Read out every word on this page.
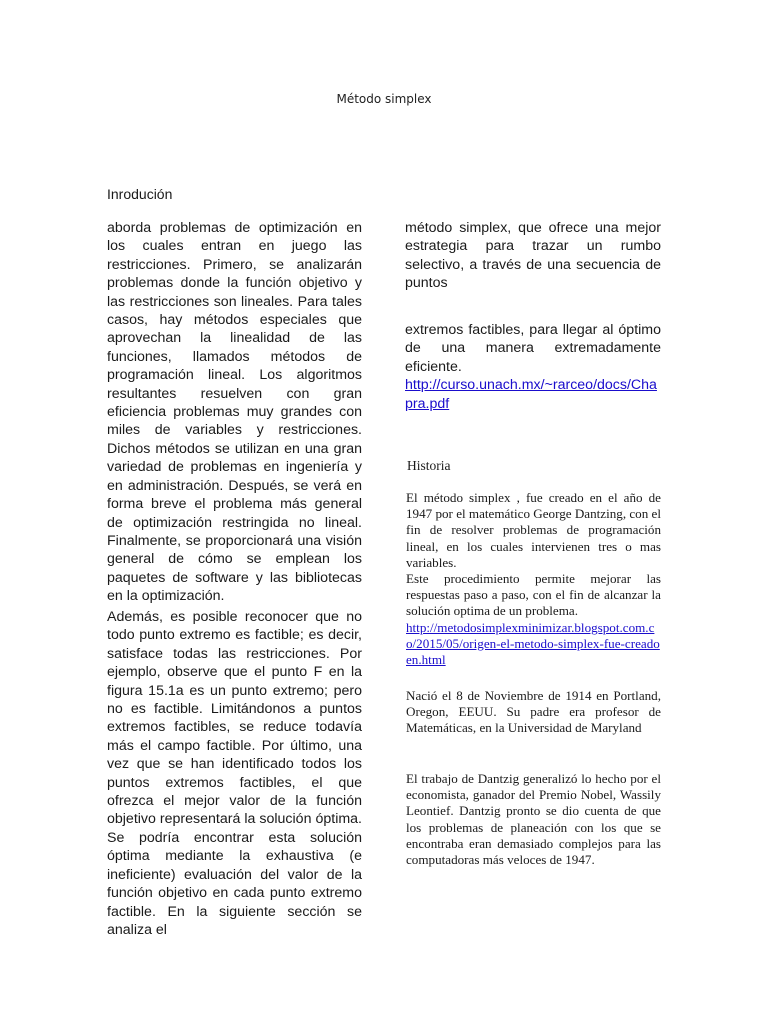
Método simplex
Inrodución

aborda problemas de optimización en los cuales entran en juego las restricciones. Primero, se analizarán problemas donde la función objetivo y las restricciones son lineales. Para tales casos, hay métodos especiales que aprovechan la linealidad de las funciones, llamados métodos de programación lineal. Los algoritmos resultantes resuelven con gran eficiencia problemas muy grandes con miles de variables y restricciones. Dichos métodos se utilizan en una gran variedad de problemas en ingeniería y en administración. Después, se verá en forma breve el problema más general de optimización restringida no lineal. Finalmente, se proporcionará una visión general de cómo se emplean los paquetes de software y las bibliotecas en la optimización.

Además, es posible reconocer que no todo punto extremo es factible; es decir, satisface todas las restricciones. Por ejemplo, observe que el punto F en la figura 15.1a es un punto extremo; pero no es factible. Limitándonos a puntos extremos factibles, se reduce todavía más el campo factible. Por último, una vez que se han identificado todos los puntos extremos factibles, el que ofrezca el mejor valor de la función objetivo representará la solución óptima. Se podría encontrar esta solución óptima mediante la exhaustiva (e ineficiente) evaluación del valor de la función objetivo en cada punto extremo factible. En la siguiente sección se analiza el

método simplex, que ofrece una mejor estrategia para trazar un rumbo selectivo, a través de una secuencia de puntos

extremos factibles, para llegar al óptimo de una manera extremadamente eficiente.

http://curso.unach.mx/~rarceo/docs/Chapra.pdf

Historia

El método simplex , fue creado en el año de 1947 por el matemático George Dantzing, con el fin de resolver problemas de programación lineal, en los cuales intervienen tres o mas variables.

Este procedimiento permite mejorar las respuestas paso a paso, con el fin de alcanzar la solución optima de un problema.

http://metodosimplexminimizar.blogspot.com.co/2015/05/origen-el-metodo-simplex-fue-creadoen.html

Nació el 8 de Noviembre de 1914 en Portland, Oregon, EEUU. Su padre era profesor de Matemáticas, en la Universidad de Maryland

El trabajo de Dantzig generalizó lo hecho por el economista, ganador del Premio Nobel, Wassily Leontief. Dantzig pronto se dio cuenta de que los problemas de planeación con los que se encontraba eran demasiado complejos para las computadoras más veloces de 1947.
